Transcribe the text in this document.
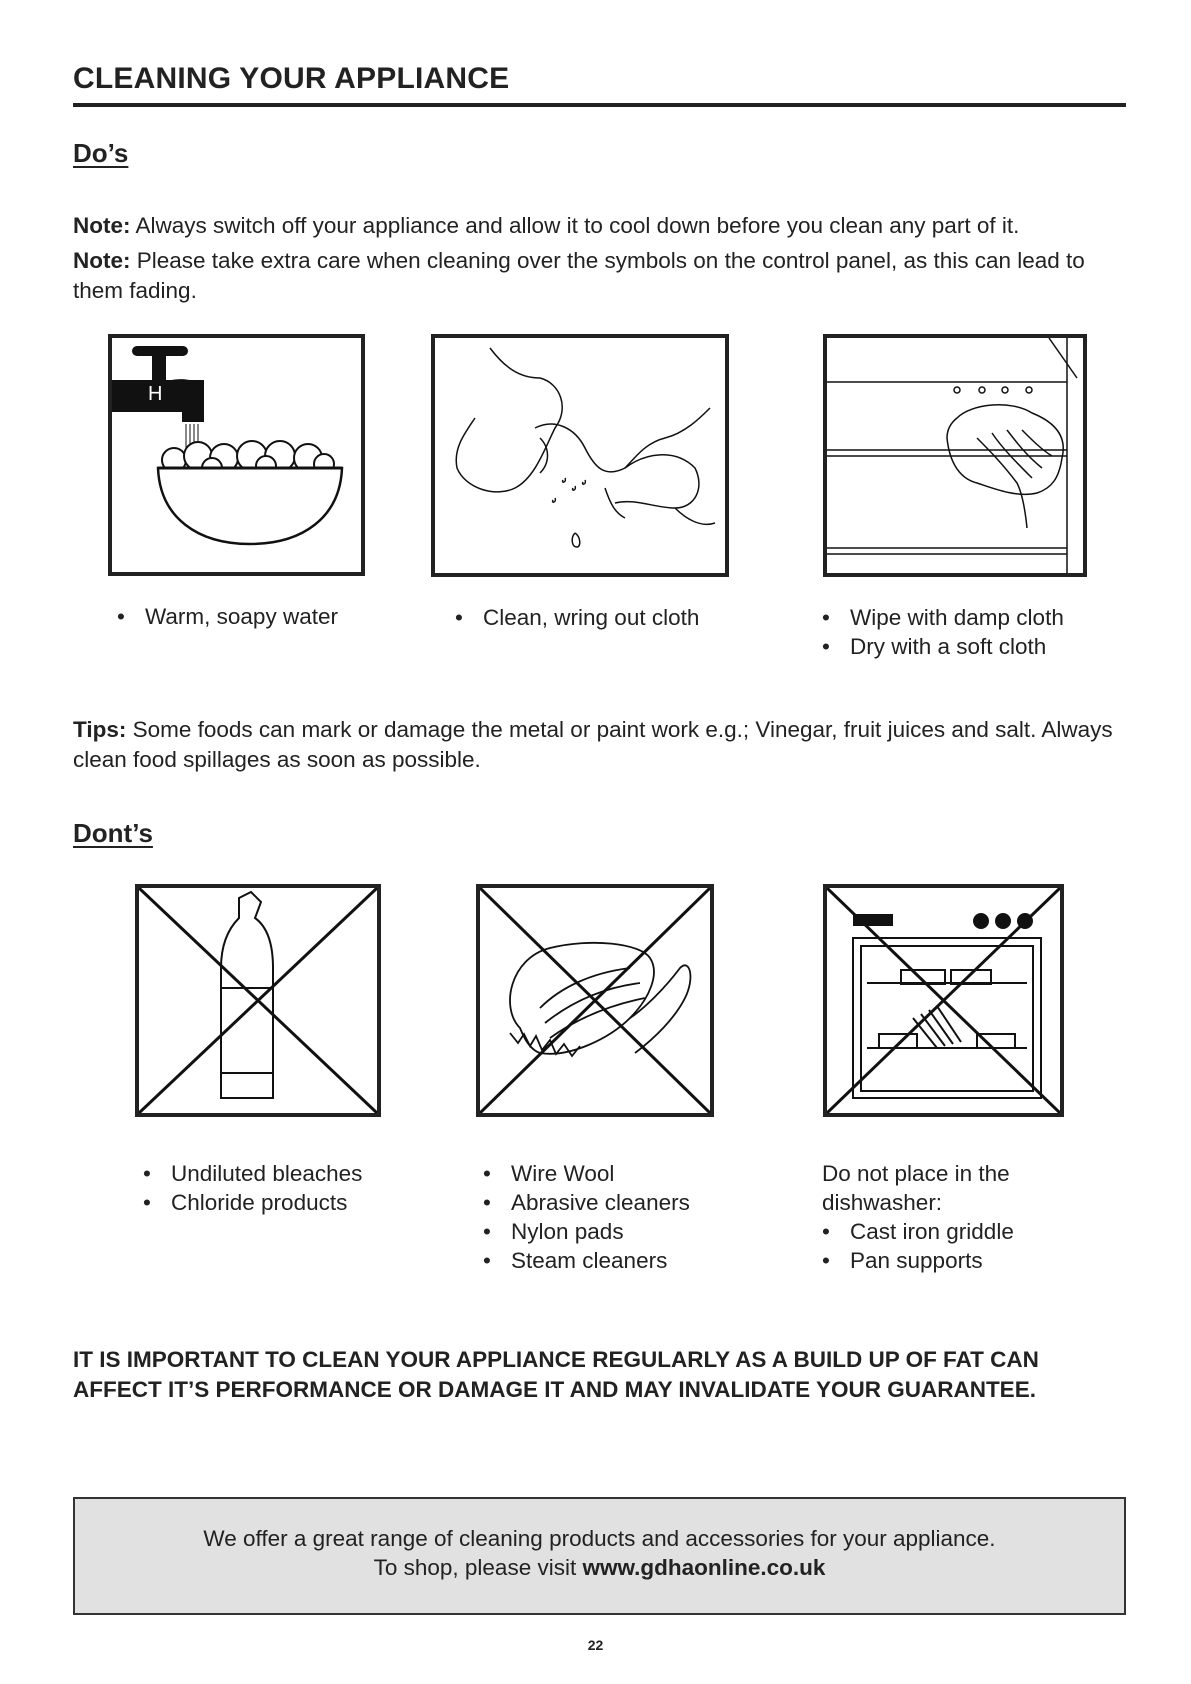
CLEANING YOUR APPLIANCE
Do’s
Note: Always switch off your appliance and allow it to cool down before you clean any part of it.
Note: Please take extra care when cleaning over the symbols on the control panel, as this can lead to them fading.
H
• Warm, soapy water	• Clean, wring out cloth	• Wipe with damp cloth
• Dry with a soft cloth
Tips: Some foods can mark or damage the metal or paint work e.g.; Vinegar, fruit juices and salt. Always clean food spillages as soon as possible.
Dont’s
• Undiluted bleaches
• Chloride products
• Wire Wool
• Abrasive cleaners
• Nylon pads
• Steam cleaners
Do not place in the dishwasher:
• Cast iron griddle
• Pan supports
IT IS IMPORTANT TO CLEAN YOUR APPLIANCE REGULARLY AS A BUILD UP OF FAT CAN AFFECT IT’S PERFORMANCE OR DAMAGE IT AND MAY INVALIDATE YOUR GUARANTEE.
We offer a great range of cleaning products and accessories for your appliance.
To shop, please visit www.gdhaonline.co.uk
22
